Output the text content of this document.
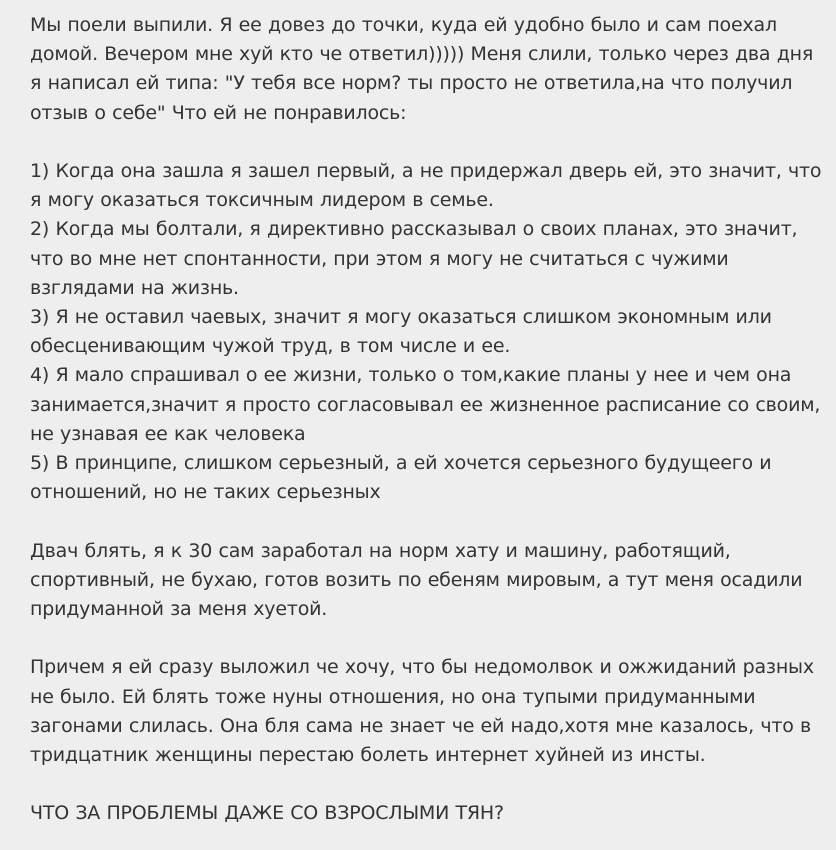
Мы поели выпили. Я ее довез до точки, куда ей удобно было и сам поехал домой. Вечером мне хуй кто че ответил))))) Меня слили, только через два дня я написал ей типа: "У тебя все норм? ты просто не ответила,на что получил отзыв о себе" Что ей не понравилось:

1) Когда она зашла я зашел первый, а не придержал дверь ей, это значит, что я могу оказаться токсичным лидером в семье.

2) Когда мы болтали, я директивно рассказывал о своих планах, это значит, что во мне нет спонтанности, при этом я могу не считаться с чужими взглядами на жизнь.

3) Я не оставил чаевых, значит я могу оказаться слишком экономным или обесценивающим чужой труд, в том числе и ее.

4) Я мало спрашивал о ее жизни, только о том,какие планы у нее и чем она занимается,значит я просто согласовывал ее жизненное расписание со своим, не узнавая ее как человека

5) В принципе, слишком серьезный, а ей хочется серьезного будущеего и отношений, но не таких серьезных

Двач блять, я к 30 сам заработал на норм хату и машину, работящий, спортивный, не бухаю, готов возить по ебеням мировым, а тут меня осадили придуманной за меня хуетой.

Причем я ей сразу выложил че хочу, что бы недомолвок и ожжиданий разных не было. Ей блять тоже нуны отношения, но она тупыми придуманными загонами слилась. Она бля сама не знает че ей надо,хотя мне казалось, что в тридцатник женщины перестаю болеть интернет хуйней из инсты.

ЧТО ЗА ПРОБЛЕМЫ ДАЖЕ СО ВЗРОСЛЫМИ ТЯН?
